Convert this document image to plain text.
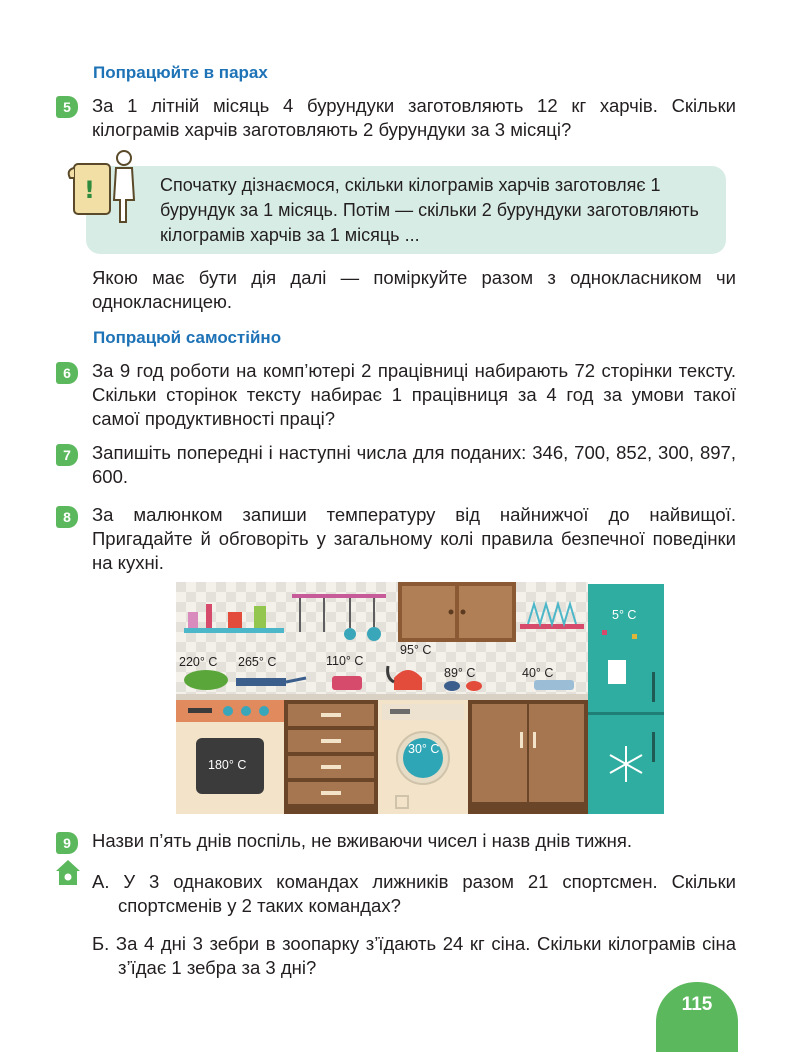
Попрацюйте в парах
5	За 1 літній місяць 4 бурундуки заготовляють 12 кг харчів. Скільки кілограмів харчів заготовляють 2 бурундуки за 3 місяці?
!	Спочатку дізнаємося, скільки кілограмів харчів заготовляє 1 бурундук за 1 місяць. Потім — скільки 2 бурундуки заготовляють кілограмів харчів за 1 місяць ...
Якою має бути дія далі — поміркуйте разом з однокласником чи однокласницею.
Попрацюй самостійно
6	За 9 год роботи на комп’ютері 2 працівниці набирають 72 сторінки тексту. Скільки сторінок тексту набирає 1 працівниця за 4 год за умови такої самої продуктивності праці?
7	Запишіть попередні і наступні числа для поданих: 346, 700, 852, 300, 897, 600.
8	За малюнком запиши температуру від найнижчої до найвищої. Пригадайте й обговоріть у загальному колі правила безпечної поведінки на кухні.
220° C 265° C	110° C
95° C
89° C	40° C
5° C
180° C
30° C
9	Назви п’ять днів поспіль, не вживаючи чисел і назв днів тижня.
А. У 3 однакових командах лижників разом 21 спортсмен. Скільки спортсменів у 2 таких командах?
Б. За 4 дні 3 зебри в зоопарку з’їдають 24 кг сіна. Скільки кілограмів сіна з’їдає 1 зебра за 3 дні?
115
